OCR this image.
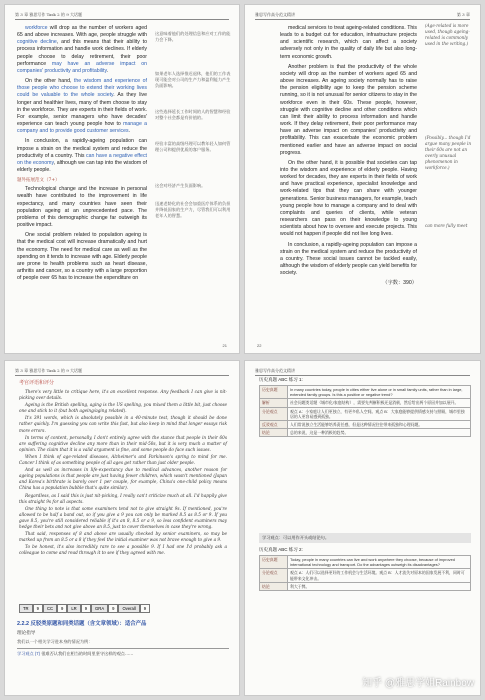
第 3 章 雅思写作 Task 2 的 9 大话题

workforce will drop as the number of workers aged 65 and above increases. With age, people struggle with cognitive decline, and this means that their ability to process information and handle work declines. If elderly people choose to delay retirement, their poor performance may have an adverse impact on companies' productivity and profitability.

On the other hand, the wisdom and experience of those people who choose to extend their working lives could be valuable to the whole society. As they live longer and healthier lives, many of them choose to stay in the workforce. They are experts in their fields of work. For example, senior managers who have decades' experience can teach young people how to manage a company and to provide good customer services.

In conclusion, a rapidly-ageing population can impose a strain on the medical system and reduce the productivity of a country. This can have a negative effect on the economy, although we can tap into the wisdom of elderly people.

题外拓展范文（7+）

Technological change and the increase in personal wealth have contributed to the improvement in life expectancy, and many countries have seen their population ageing at an unprecedented pace. The problems of this demographic change far outweigh its positive impact.

One social problem related to population ageing is that the medical cost will increase dramatically and hurt the economy. The need for medical care as well as the spending on it tends to increase with age. Elderly people are prone to health problems such as heart disease, arthritis and cancer, so a country with a large proportion of people over 65 has to increase the expenditure on

这意味着他们的处理信息和应对工作的能力会下降。
如果老年人选择推迟退休，他们的工作表现可能会对公司的生产力和盈利能力产生负面影响。
这些选择延长工作时间的人的智慧和经验对整个社会都是有价值的。
经验丰富的高级经理可以教年轻人如何管理公司和提供优质的客户服务。
这会对经济产生负面影响。
迅速老龄化的社会会加重医疗体系的负担并降低国家的生产力，尽管我们可以利用老年人的智慧。
21
雅思写作高分范文精讲	第 3 章

medical services to treat ageing-related conditions. This leads to a budget cut for education, infrastructure projects and scientific research, which can affect a society adversely not only in the quality of daily life but also long-term economic growth.

Another problem is that the productivity of the whole society will drop as the number of workers aged 65 and above increases. An ageing society normally has to raise the pension eligibility age to keep the pension scheme running, so it is not unusual for senior citizens to stay in the workforce even in their 60s. These people, however, struggle with cognitive decline and other conditions which can limit their ability to process information and handle work. If they delay retirement, their poor performance may have an adverse impact on companies' productivity and profitability. This can exacerbate the economic problem mentioned earlier and have an adverse impact on social progress.

On the other hand, it is possible that societies can tap into the wisdom and experience of elderly people. Having worked for decades, they are experts in their fields of work and have practical experience, specialist knowledge and work-related tips that they can share with younger generations. Senior business managers, for example, teach young people how to manage a company and to deal with complaints and queries of clients, while veteran researchers can pass on their knowledge to young scientists about how to oversee and execute projects. This would not happen if people did not live long lives.

In conclusion, a rapidly-ageing population can impose a strain on the medical system and reduce the productivity of a country. These social issues cannot be tackled easily, although the wisdom of elderly people can yield benefits for society.

（字数：390）
(Age-related is more used, though ageing-related is commonly used in the writing.)
(Possibly... though I'd argue many people in their 60s are not an overly unusual phenomenon in workforce.)
can more fully meet
22
第 3 章 雅思写作 Task 2 的 9 大话题
考官评语和评分

There's very little to critique here, it's an excellent response. Any feedback I can give is nit-picking over details.

Ageing is the British spelling, aging is the US spelling, you mixed them a little bit, just choose one and stick to it (but both ageing/aging related).

It's 391 words, which is absolutely possible in a 40-minute test, though it should be done rather quickly. I'm guessing you can write this fast, but also keep in mind that longer essays risk more errors.

In terms of content, personally, I don't entirely agree with the stance that people in their 60s are suffering cognitive decline any more than in their mid-50s, but it is very much a matter of opinion. The claim that it is a valid argument is fine, and some people do face such issues.

When I think of age-related diseases, Alzheimer's and Parkinson's spring to mind for me. Cancer I think of as something people of all ages get rather than just older people.

And as well as increases in life-expectancy due to medical advances, another reason for ageing populations is that people are just having fewer children, which wasn't mentioned (Japan and Korea's birthrate is barely over 1 per couple, for example, China's one-child policy means China has a population bubble that's quite similar).

Regardless, as I said this is just nit-picking, I really can't criticize much at all. I'd happily give this straight 9s for all aspects.

One thing to note is that some examiners tend not to give straight 9s. If mentioned, you're allowed to be half a band out, so if you give a 9 you can only be marked 8.5 as 8.5 or 9. If you gave 8.5, you're still considered reliable if it's an 8, 8.5 or a 9, so less confident examiners may hedge their bets and not give above an 8.5, just to cover themselves in case they're wrong.

That said, responses of 8 and above are usually checked by senior examiners, so may be marked up from an 8.5 or a 8 if they feel the initial examiner was not brave enough to give a 9.

To be honest, it's also incredibly rare to see a possible 9. If I had one I'd probably ask a colleague to come and read through it to see if they agreed with me.

TR	9	CC	9	LR	9	GRA	9	Overall	9
2.2.2 反驳类原题和同类话题（含文章领域）：适合产品
理论指导
我们以一个相关学习进本身的情况为例：
学习观点 (7) 很难否认我们在相当的时间里坚守这样的观点……
雅思写作高分范文精讲
历史真题 ABC 练习 1:
历史真题	In many countries today, people in cities either live alone or in small family units, rather than in large, extended family groups. Is this a positive or negative trend?
解析	社会问题类话题（城市化/家庭结构），需要先判断积极还是消极，然后给出两个原因并加以展开。
分论观点	观点 A：小家庭让人们更独立，有更多私人空间。观点 B：大家庭能够提供情感支持与照顾，城市里独居的人更容易感到孤独。
反驳观点	人们常说独立生活能够培养责任感，但是这种情况往往带来孤独和心理问题。
结论	总的来说，这是一种消极的趋势。
学习观点：可以用作开头或结论句。
历史真题 ABC 练习 2:
历史真题	Today, people in many countries can live and work anywhere they choose, because of improved international technology and transport. Do the advantages outweigh its disadvantages?
分论观点	观点 A：人们可以选择更好的工作机会与生活环境。观点 B：人才流失对原本的国家发展不利，同时可能带来文化冲击。
结论	利大于弊。
知乎 @雅思学姐Rainbow
